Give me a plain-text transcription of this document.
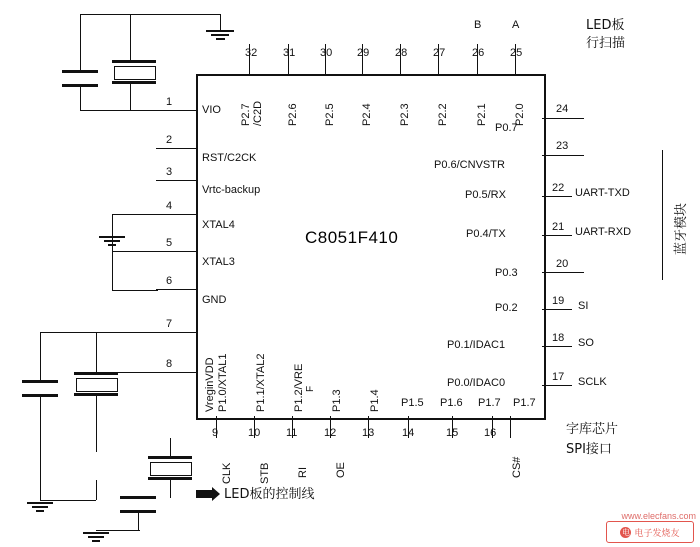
C8051F410
32
P2.7 /C2D
31
P2.6
30
P2.5
29
P2.4
28
P2.3
27
P2.2
26
P2.1
B
25
P2.0
A
1
VIO
2
RST/C2CK
3
Vrtc-backup
4
XTAL4
5
XTAL3
6
GND
7
VreginVDD
8
24
P0.7
23
P0.6/CNVSTR
22
P0.5/RX	UART-TXD
21
P0.4/TX	UART-RXD
20
P0.3
19
P0.2	SI
18
P0.1/IDAC1	SO
17
P0.0/IDAC0	SCLK
9
P1.0/XTAL1
CLK
10
P1.1/XTAL2
STB
11
P1.2/VRE F
RI
12
P1.3
OE
13
P1.4
14
P1.5
15
P1.6
16
P1.7
CS#
P1.7
LED板的控制线
LED板
行扫描
蓝牙模块
字库芯片
SPI接口
www.elecfans.com
电 电子发烧友
